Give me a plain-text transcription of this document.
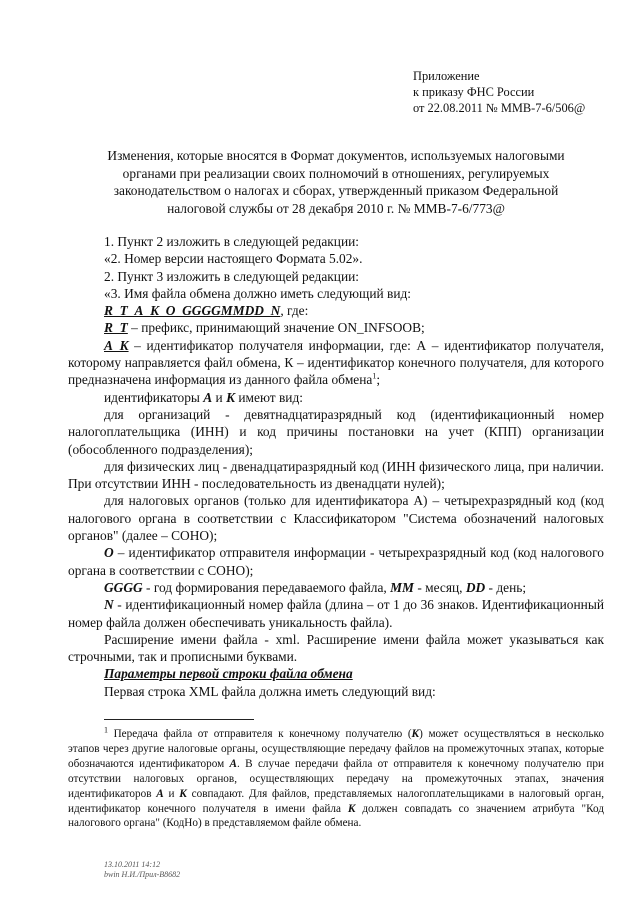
Приложение
к приказу ФНС России
от 22.08.2011 № ММВ-7-6/506@
Изменения, которые вносятся в Формат документов, используемых налоговыми
органами при реализации своих полномочий в отношениях, регулируемых
законодательством о налогах и сборах, утвержденный приказом Федеральной
налоговой службы от 28 декабря 2010 г. № ММВ-7-6/773@

1. Пункт 2 изложить в следующей редакции:

«2. Номер версии настоящего Формата 5.02».

2. Пункт 3 изложить в следующей редакции:

«3. Имя файла обмена должно иметь следующий вид:

R_T_A_K_O_GGGGMMDD_N, где:

R_T – префикс, принимающий значение ON_INFSOOB;

A_K – идентификатор получателя информации, где: А – идентификатор получателя, которому направляется файл обмена, К – идентификатор конечного получателя, для которого предназначена информация из данного файла обмена$^1$;

идентификаторы A и K имеют вид:

для организаций - девятнадцатиразрядный код (идентификационный номер налогоплательщика (ИНН) и код причины постановки на учет (КПП) организации (обособленного подразделения);

для физических лиц - двенадцатиразрядный код (ИНН физического лица, при наличии. При отсутствии ИНН - последовательность из двенадцати нулей);

для налоговых органов (только для идентификатора А) – четырехразрядный код (код налогового органа в соответствии с Классификатором "Система обозначений налоговых органов" (далее – СОНО);

O – идентификатор отправителя информации - четырехразрядный код (код налогового органа в соответствии с СОНО);

GGGG - год формирования передаваемого файла, MM - месяц, DD - день;

N - идентификационный номер файла (длина – от 1 до 36 знаков. Идентификационный номер файла должен обеспечивать уникальность файла).

Расширение имени файла - xml. Расширение имени файла может указываться как строчными, так и прописными буквами.

Параметры первой строки файла обмена

Первая строка XML файла должна иметь следующий вид:

$^1$ Передача файла от отправителя к конечному получателю (К) может осуществляться в несколько этапов через другие налоговые органы, осуществляющие передачу файлов на промежуточных этапах, которые обозначаются идентификатором А. В случае передачи файла от отправителя к конечному получателю при отсутствии налоговых органов, осуществляющих передачу на промежуточных этапах, значения идентификаторов А и К совпадают. Для файлов, представляемых налогоплательщиками в налоговый орган, идентификатор конечного получателя в имени файла К должен совпадать со значением атрибута "Код налогового органа" (КодНо) в представляемом файле обмена.

13.10.2011 14:12
bwin Н.И./Прил-В8682
